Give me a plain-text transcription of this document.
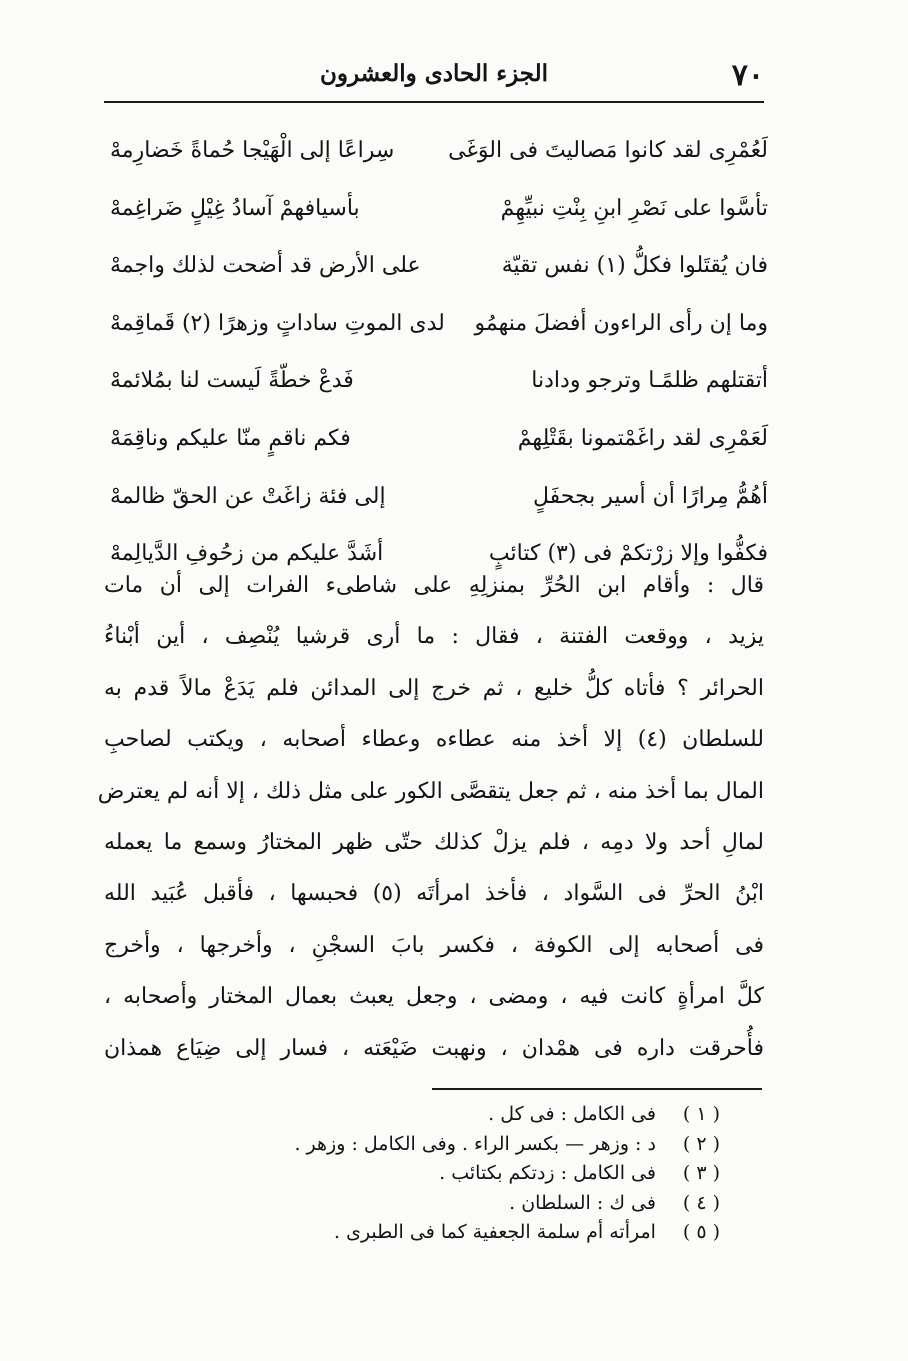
٧٠
الجزء الحادى والعشرون
لَعُمْرِى لقد كانوا مَصاليتَ فى الوَغَى
سِراعًا إلى الْهَيْجا حُماةً خَضارِمهْ
تأسَّوا على نَصْرِ ابنِ بِنْتِ نبيِّهِمْ
بأسيافهمْ آسادُ غِيْلٍ ضَراغِمهْ
فان يُقتَلوا فكلُّ (١) نفس تقيّة
على الأرض قد أضحت لذلك واجمهْ
وما إن رأى الراءون أفضلَ منهمُو
لدى الموتِ ساداتٍ وزهرًا (٢) قَماقِمهْ
أتقتلهم ظلمًـا وترجو ودادنا
فَدعْ خطّةً لَيست لنا بمُلائمهْ
لَعَمْرِى لقد راغَمْتمونا بقَتْلِهمْ
فكم ناقمٍ منّا عليكم وناقِمَهْ
أهُمُّ مِرارًا أن أسير بجحفَلٍ
إلى فئة زاغَتْ عن الحقّ ظالمهْ
فكفُّوا وإلا زرْتكمْ فى (٣) كتائبٍ
أشَدَّ عليكم من زحُوفِ الدَّيالِمهْ
قال : وأقام ابن الحُرِّ بمنزلِهِ على شاطىء الفرات إلى أن مات
يزيد ، ووقعت الفتنة ، فقال : ما أرى قرشيا يُنْصِف ، أين أبْناءُ
الحرائر ؟ فأتاه كلُّ خليع ، ثم خرج إلى المدائن فلم يَدَعْ مالاً قدم به
للسلطان (٤) إلا أخذ منه عطاءه وعطاء أصحابه ، ويكتب لصاحبِ
المال بما أخذ منه ، ثم جعل يتقصَّى الكور على مثل ذلك ، إلا أنه لم يعترض
لمالِ أحد ولا دمِه ، فلم يزلْ كذلك حتّى ظهر المختارُ وسمع ما يعمله
ابْنُ الحرِّ فى السَّواد ، فأخذ امرأتَه (٥) فحبسها ، فأقبل عُبَيد الله
فى أصحابه إلى الكوفة ، فكسر بابَ السجْنِ ، وأخرجها ، وأخرج
كلَّ امرأةٍ كانت فيه ، ومضى ، وجعل يعبث بعمال المختار وأصحابه ،
فأُحرقت داره فى همْدان ، ونهبت ضَيْعَته ، فسار إلى ضِيَاع همذان
( ١ ) فى الكامل : فى كل .
( ٢ ) د : وزهر — بكسر الراء . وفى الكامل : وزهر .
( ٣ ) فى الكامل : زدتكم بكتائب .
( ٤ ) فى ك : السلطان .
( ٥ ) امرأته أم سلمة الجعفية كما فى الطبرى .
